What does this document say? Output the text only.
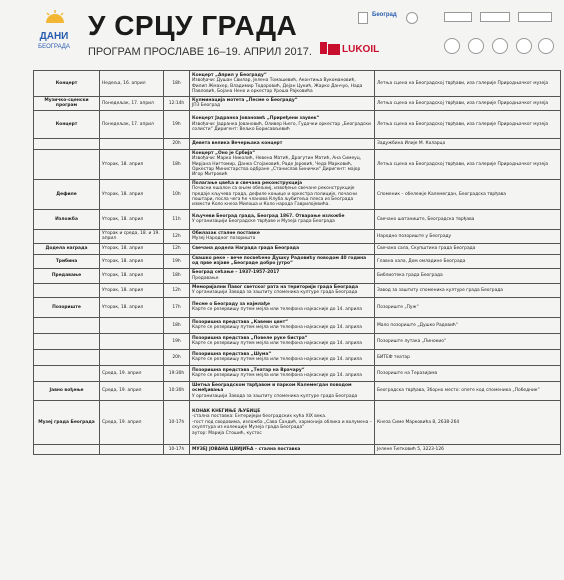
ДАНИ
БЕОГРАДА
У СРЦУ ГРАДА
ПРОГРАМ ПРОСЛАВЕ 16–19. АПРИЛ 2017.
Београд
LUKOIL
Концерт	Недеља, 16. април	18h	Концерт „Април у Београду“
Извођачи: Душан Свилар, Јелена Томашевић, Аконтиња Вукомановић, Филип Жмахер, Владимир Тодоровић, Дејан Цукић, Жарко Данчуо, Нада Павловић, Бојана Нено и оркестар Уроша Рајковића	Летња сцена на Београдској тврђави, иза галерије Природњачког музеја
Музичко-сценски програм	Понедељак, 17. април	12:14h	Кулминација мотета „Песме о Београду“
ЈПЗ Београд	Летња сцена на Београдској тврђави, иза галерије Природњачког музеја
Концерт	Понедељак, 17. април	19h	Концерт Јадранка Јовановић „Приређени заувек“
Извођачи: Јадранка Јовановић, Оливер Њего, Гудачки оркестар „Београдски солисти“ Диригент: Вељко Борисављевић	Летња сцена на Београдској тврђави, иза галерије Природњачког музеја
		20h	Девета велика Вечерњака концерт	Задужбина Илије М. Коларца
	Уторак, 18. април	18h	Концерт „Оно је Србија“
Извођачи: Марко Николић, Невена Матић, Драгутин Матић, Ана Симеуц, Мирјана Нигтомир, Данка Стојаковић, Раде Јоровић, Чеда Марковић, Оркестар Министарства одбране „Станислав Бинички“ Диригент: мајор Игор Митровић	Летња сцена на Београдској тврђави, иза галерије Природњачког музеја
Дефиле	Уторак, 18. април	10h	Полагање цвећа и свечана реконструкција
Почасни ешалон са оњем обељеиј, извођење свечане реконструкције предаје кључева града, дефиле коњице и оркестра полиције, почасни поштари, посла чега ће чланова Клуба љубитеља плеса из Београда извести Коло кнеза Милоша и Коло народа Гаврилојевића.	Споменик – обележје Калемегдан, Београдска тврђава
Изложба	Уторак, 18. април	11h	Кључеви Београд града, Београд 1867. Отварање изложбе
У организацији Београдске тврђаве и Музеја града Београда	Свечано шатаниште, Београдска тврђава
	Уторак и среда, 18. и 19. април	12h	Обилазак сталне поставке
Музеј Народног позоришта	Народно позориште у Београду
Додела награда	Уторак, 18. април	12h	Свечана додела Награда града Београда	Свечана сала, Скупштина града Београда
Трибина	Уторак, 18. април	19h	Свашко реке – вече посвећено Душку Радовићу поводом 40 година од прве изјаве „Београде добро јутро“	Главна хала, Дом омладине Београда
Предавање	Уторак, 18. април	18h	Београд сећање – 1937-1957-2017
Предавање	Библиотека града Београда
	Уторак, 18. април	12h	Меморијални Павог светског рата на територији града Београда
У организацији Завода за заштиту споменика културе града Београда	Завод за заштиту споменика културе града Београда
Позориште	Уторак, 18. април	17h	Песме о Београду за најмлађе
Карте се резервишу путем мејла или телефона најкасније до 14. априла	Позориште „Пуж“
		18h	Позоришна представа „Кавеин цвет“
Карте се резервишу путем мејла или телефона најкасније до 14. априла	Мало позориште „Душко Радовић“
		19h	Позоришна представа „Повеле руке бистра“
Карте се резервишу путем мејла или телефона најкасније до 14. априла	Позориште лутака „Пинокио“
		20h	Позоришна представа „Шума“
Карте се резервишу путем мејла или телефона најкасније до 14. априла	БИТЕФ театар
	Среда, 19. април	19:30h	Позоришна представа „Театар на Врачару“
Карте се резервишу путем мејла или телефона најкасније до 14. априла	Позориште на Теразијама
Јавно вођење	Среда, 19. април	10:30h	Шетња Београдском тврђавом и парком Калемегдан поводом осмеђивања
У организацији Завода за заштиту споменика културе града Београда	Београдска тврђава, Зборно место: опете код споменика „Победник“
Музеј града Београда	Среда, 19. април	10-17h	КОНАК КНЕГИЊЕ ЉУБИЦЕ
-стална поставка: Ентеријери београдских кућа XIX века.
-гост под сводовима, изложба „Сава Сандић, хармонија облика и волумена – скулптура из колекције Музеја града Београда“
аутор: Маријa Стошић, кустос	Кнеза Симе Марковића 8, 2638-264
		10-17h	МУЗЕЈ ЈОВАНА ЦВИЈИЋА – стална поставка	Јелене Ћетковић 5, 3223-126
